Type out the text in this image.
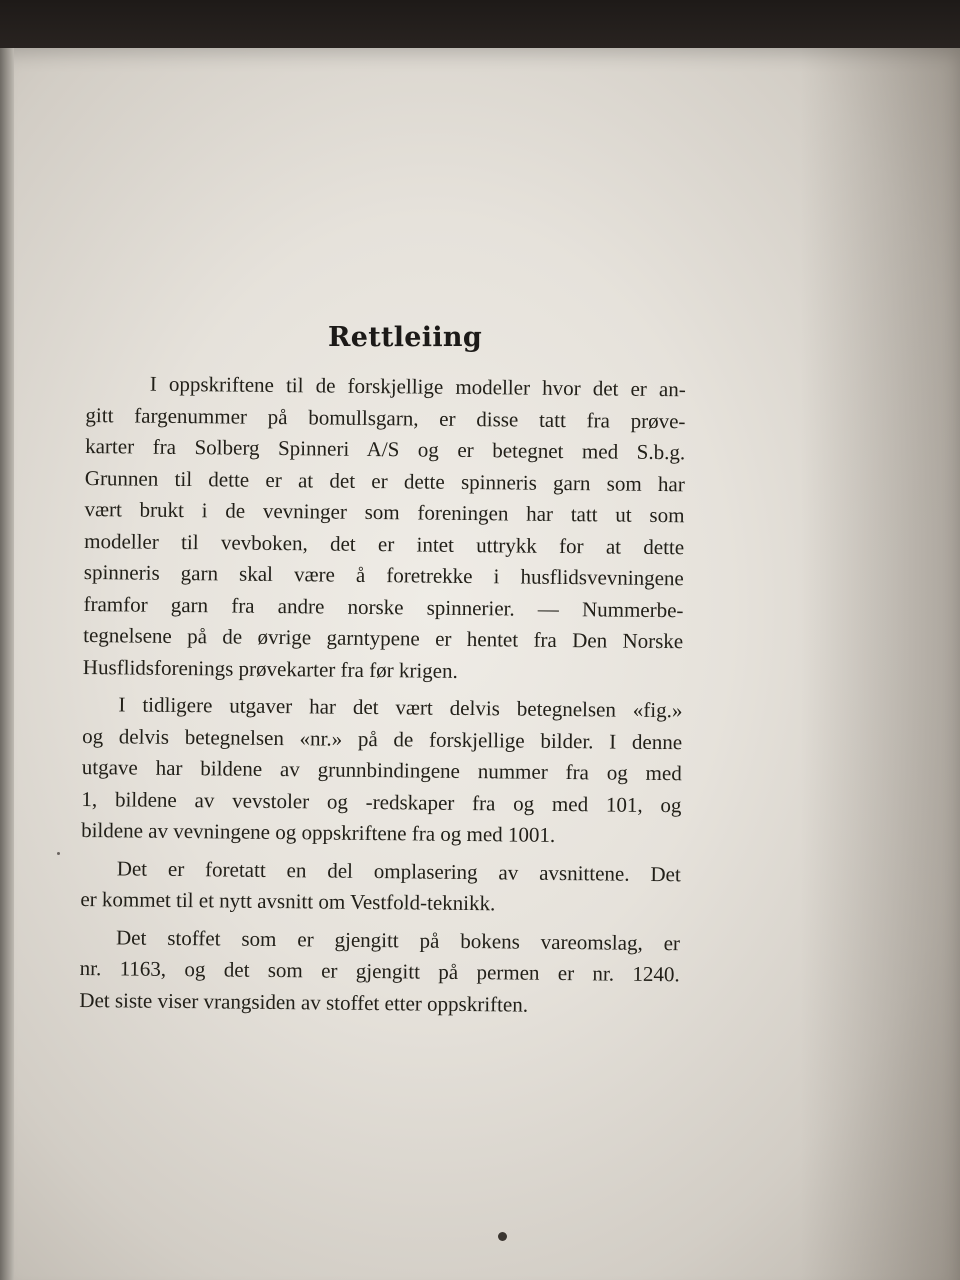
Rettleiing
I oppskriftene til de forskjellige modeller hvor det er an-
gitt fargenummer på bomullsgarn, er disse tatt fra prøve-
karter fra Solberg Spinneri A/S og er betegnet med S.b.g.
Grunnen til dette er at det er dette spinneris garn som har
vært brukt i de vevninger som foreningen har tatt ut som
modeller til vevboken, det er intet uttrykk for at dette
spinneris garn skal være å foretrekke i husflidsvevningene
framfor garn fra andre norske spinnerier. — Nummerbe-
tegnelsene på de øvrige garntypene er hentet fra Den Norske
Husflidsforenings prøvekarter fra før krigen.
I tidligere utgaver har det vært delvis betegnelsen «fig.»
og delvis betegnelsen «nr.» på de forskjellige bilder. I denne
utgave har bildene av grunnbindingene nummer fra og med
1, bildene av vevstoler og -redskaper fra og med 101, og
bildene av vevningene og oppskriftene fra og med 1001.
Det er foretatt en del omplasering av avsnittene. Det
er kommet til et nytt avsnitt om Vestfold-teknikk.
Det stoffet som er gjengitt på bokens vareomslag, er
nr. 1163, og det som er gjengitt på permen er nr. 1240.
Det siste viser vrangsiden av stoffet etter oppskriften.
